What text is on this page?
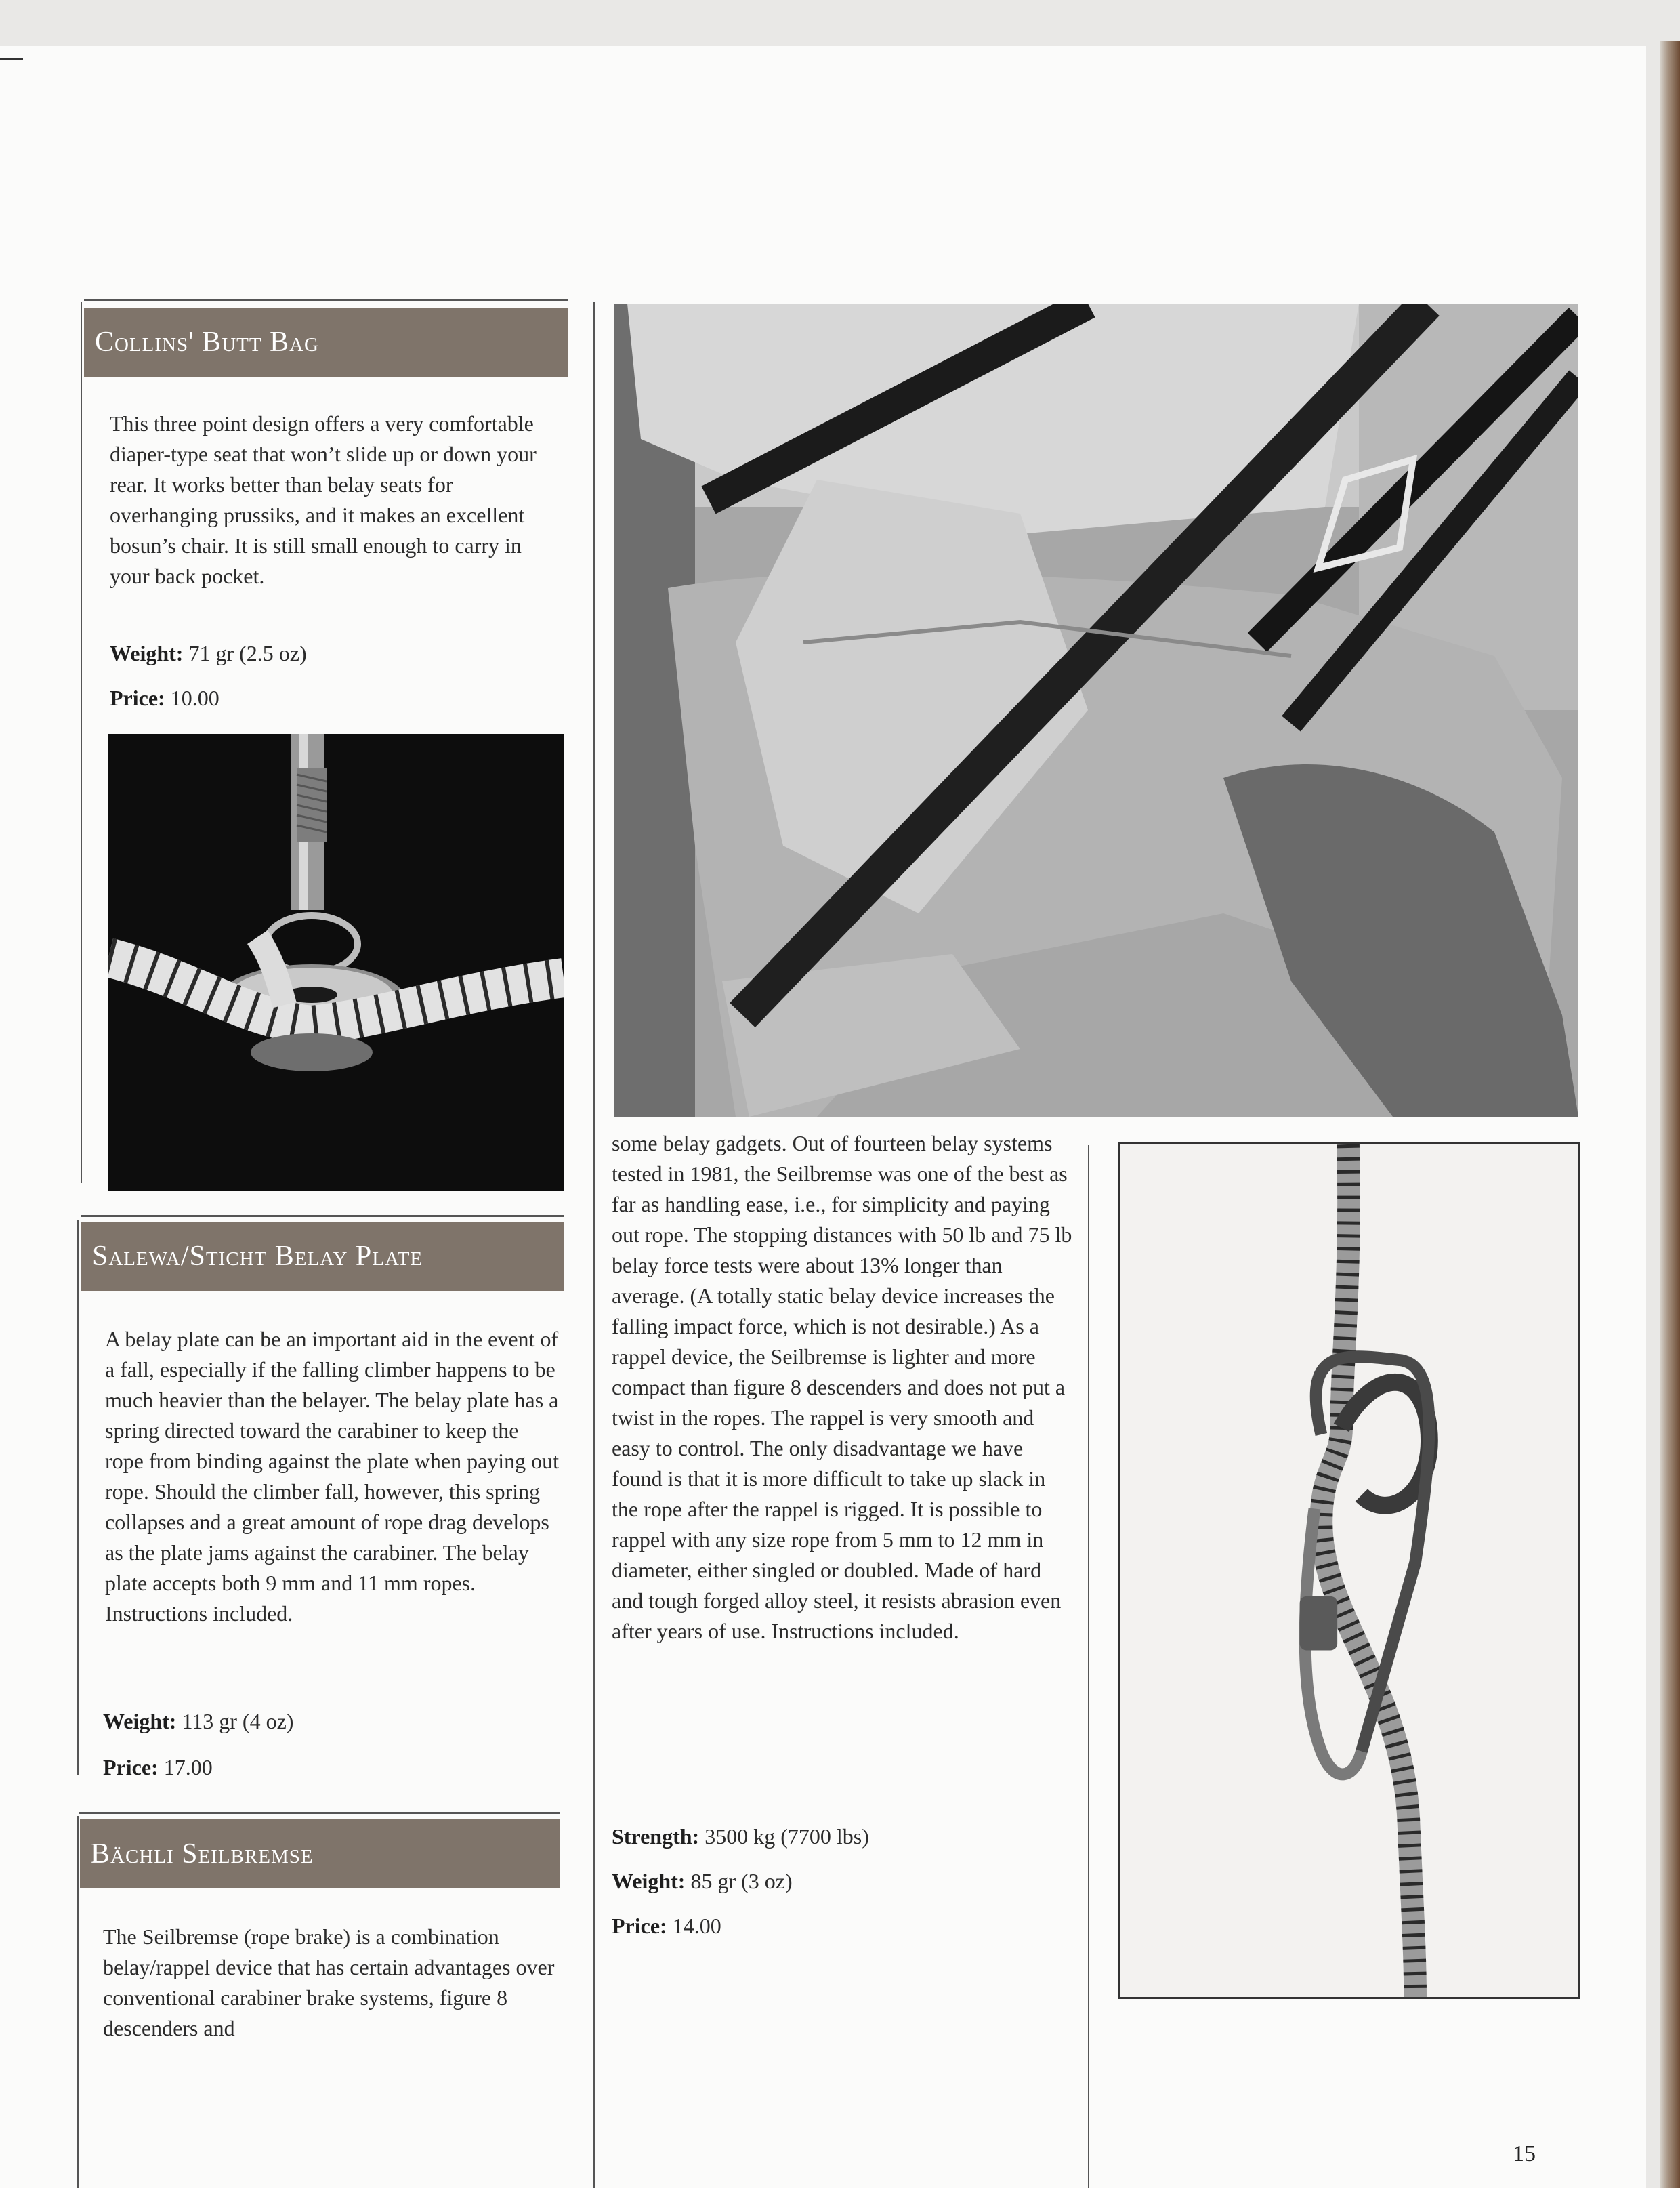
Collins' Butt Bag

This three point design offers a very comfortable diaper-type seat that won’t slide up or down your rear. It works better than belay seats for overhanging prussiks, and it makes an excellent bosun’s chair. It is still small enough to carry in your back pocket.

Weight: 71 gr (2.5 oz)
Price: 10.00
Salewa/Sticht Belay Plate

A belay plate can be an important aid in the event of a fall, especially if the falling climber happens to be much heavier than the belayer. The belay plate has a spring directed toward the carabiner to keep the rope from binding against the plate when paying out rope. Should the climber fall, however, this spring collapses and a great amount of rope drag develops as the plate jams against the carabiner. The belay plate accepts both 9 mm and 11 mm ropes. Instructions included.

Weight: 113 gr (4 oz)
Price: 17.00
Bächli Seilbremse

The Seilbremse (rope brake) is a combination belay/rappel device that has certain advantages over conventional carabiner brake systems, figure 8 descenders and

some belay gadgets. Out of fourteen belay systems tested in 1981, the Seilbremse was one of the best as far as handling ease, i.e., for simplicity and paying out rope. The stopping distances with 50 lb and 75 lb belay force tests were about 13% longer than average. (A totally static belay device increases the falling impact force, which is not desirable.) As a rappel device, the Seilbremse is lighter and more compact than figure 8 descenders and does not put a twist in the ropes. The rappel is very smooth and easy to control. The only disadvantage we have found is that it is more difficult to take up slack in the rope after the rappel is rigged. It is possible to rappel with any size rope from 5 mm to 12 mm in diameter, either singled or doubled. Made of hard and tough forged alloy steel, it resists abrasion even after years of use. Instructions included.

Strength: 3500 kg (7700 lbs)
Weight: 85 gr (3 oz)
Price: 14.00
15
